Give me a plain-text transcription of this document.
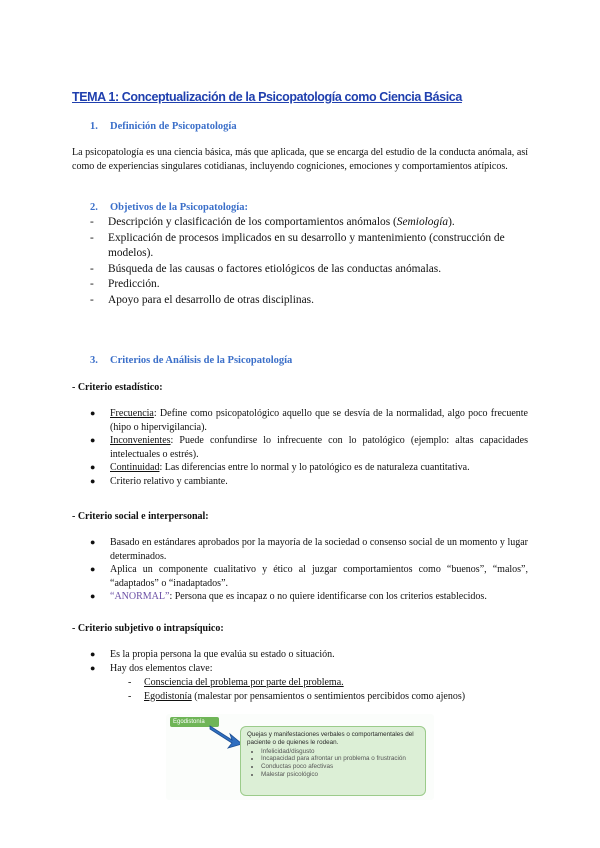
TEMA 1: Conceptualización de la Psicopatología como Ciencia Básica
1. Definición de Psicopatología
La psicopatología es una ciencia básica, más que aplicada, que se encarga del estudio de la conducta anómala, así como de experiencias singulares cotidianas, incluyendo cogniciones, emociones y comportamientos atípicos.
2. Objetivos de la Psicopatología:
- Descripción y clasificación de los comportamientos anómalos (Semiología).
- Explicación de procesos implicados en su desarrollo y mantenimiento (construcción de modelos).
- Búsqueda de las causas o factores etiológicos de las conductas anómalas.
- Predicción.
- Apoyo para el desarrollo de otras disciplinas.
3. Criterios de Análisis de la Psicopatología
- Criterio estadístico:
● Frecuencia: Define como psicopatológico aquello que se desvía de la normalidad, algo poco frecuente (hipo o hipervigilancia).
● Inconvenientes: Puede confundirse lo infrecuente con lo patológico (ejemplo: altas capacidades intelectuales o estrés).
● Continuidad: Las diferencias entre lo normal y lo patológico es de naturaleza cuantitativa.
● Criterio relativo y cambiante.
- Criterio social e interpersonal:
● Basado en estándares aprobados por la mayoría de la sociedad o consenso social de un momento y lugar determinados.
● Aplica un componente cualitativo y ético al juzgar comportamientos como “buenos”, “malos”, “adaptados” o “inadaptados”.
● “ANORMAL”: Persona que es incapaz o no quiere identificarse con los criterios establecidos.
- Criterio subjetivo o intrapsíquico:
● Es la propia persona la que evalúa su estado o situación.
● Hay dos elementos clave:
- Consciencia del problema por parte del problema.
- Egodistonía (malestar por pensamientos o sentimientos percibidos como ajenos)
Egodistonía
Quejas y manifestaciones verbales o comportamentales del paciente o de quienes le rodean.
• Infelicidad/disgusto
• Incapacidad para afrontar un problema o frustración
• Conductas poco afectivas
• Malestar psicológico
